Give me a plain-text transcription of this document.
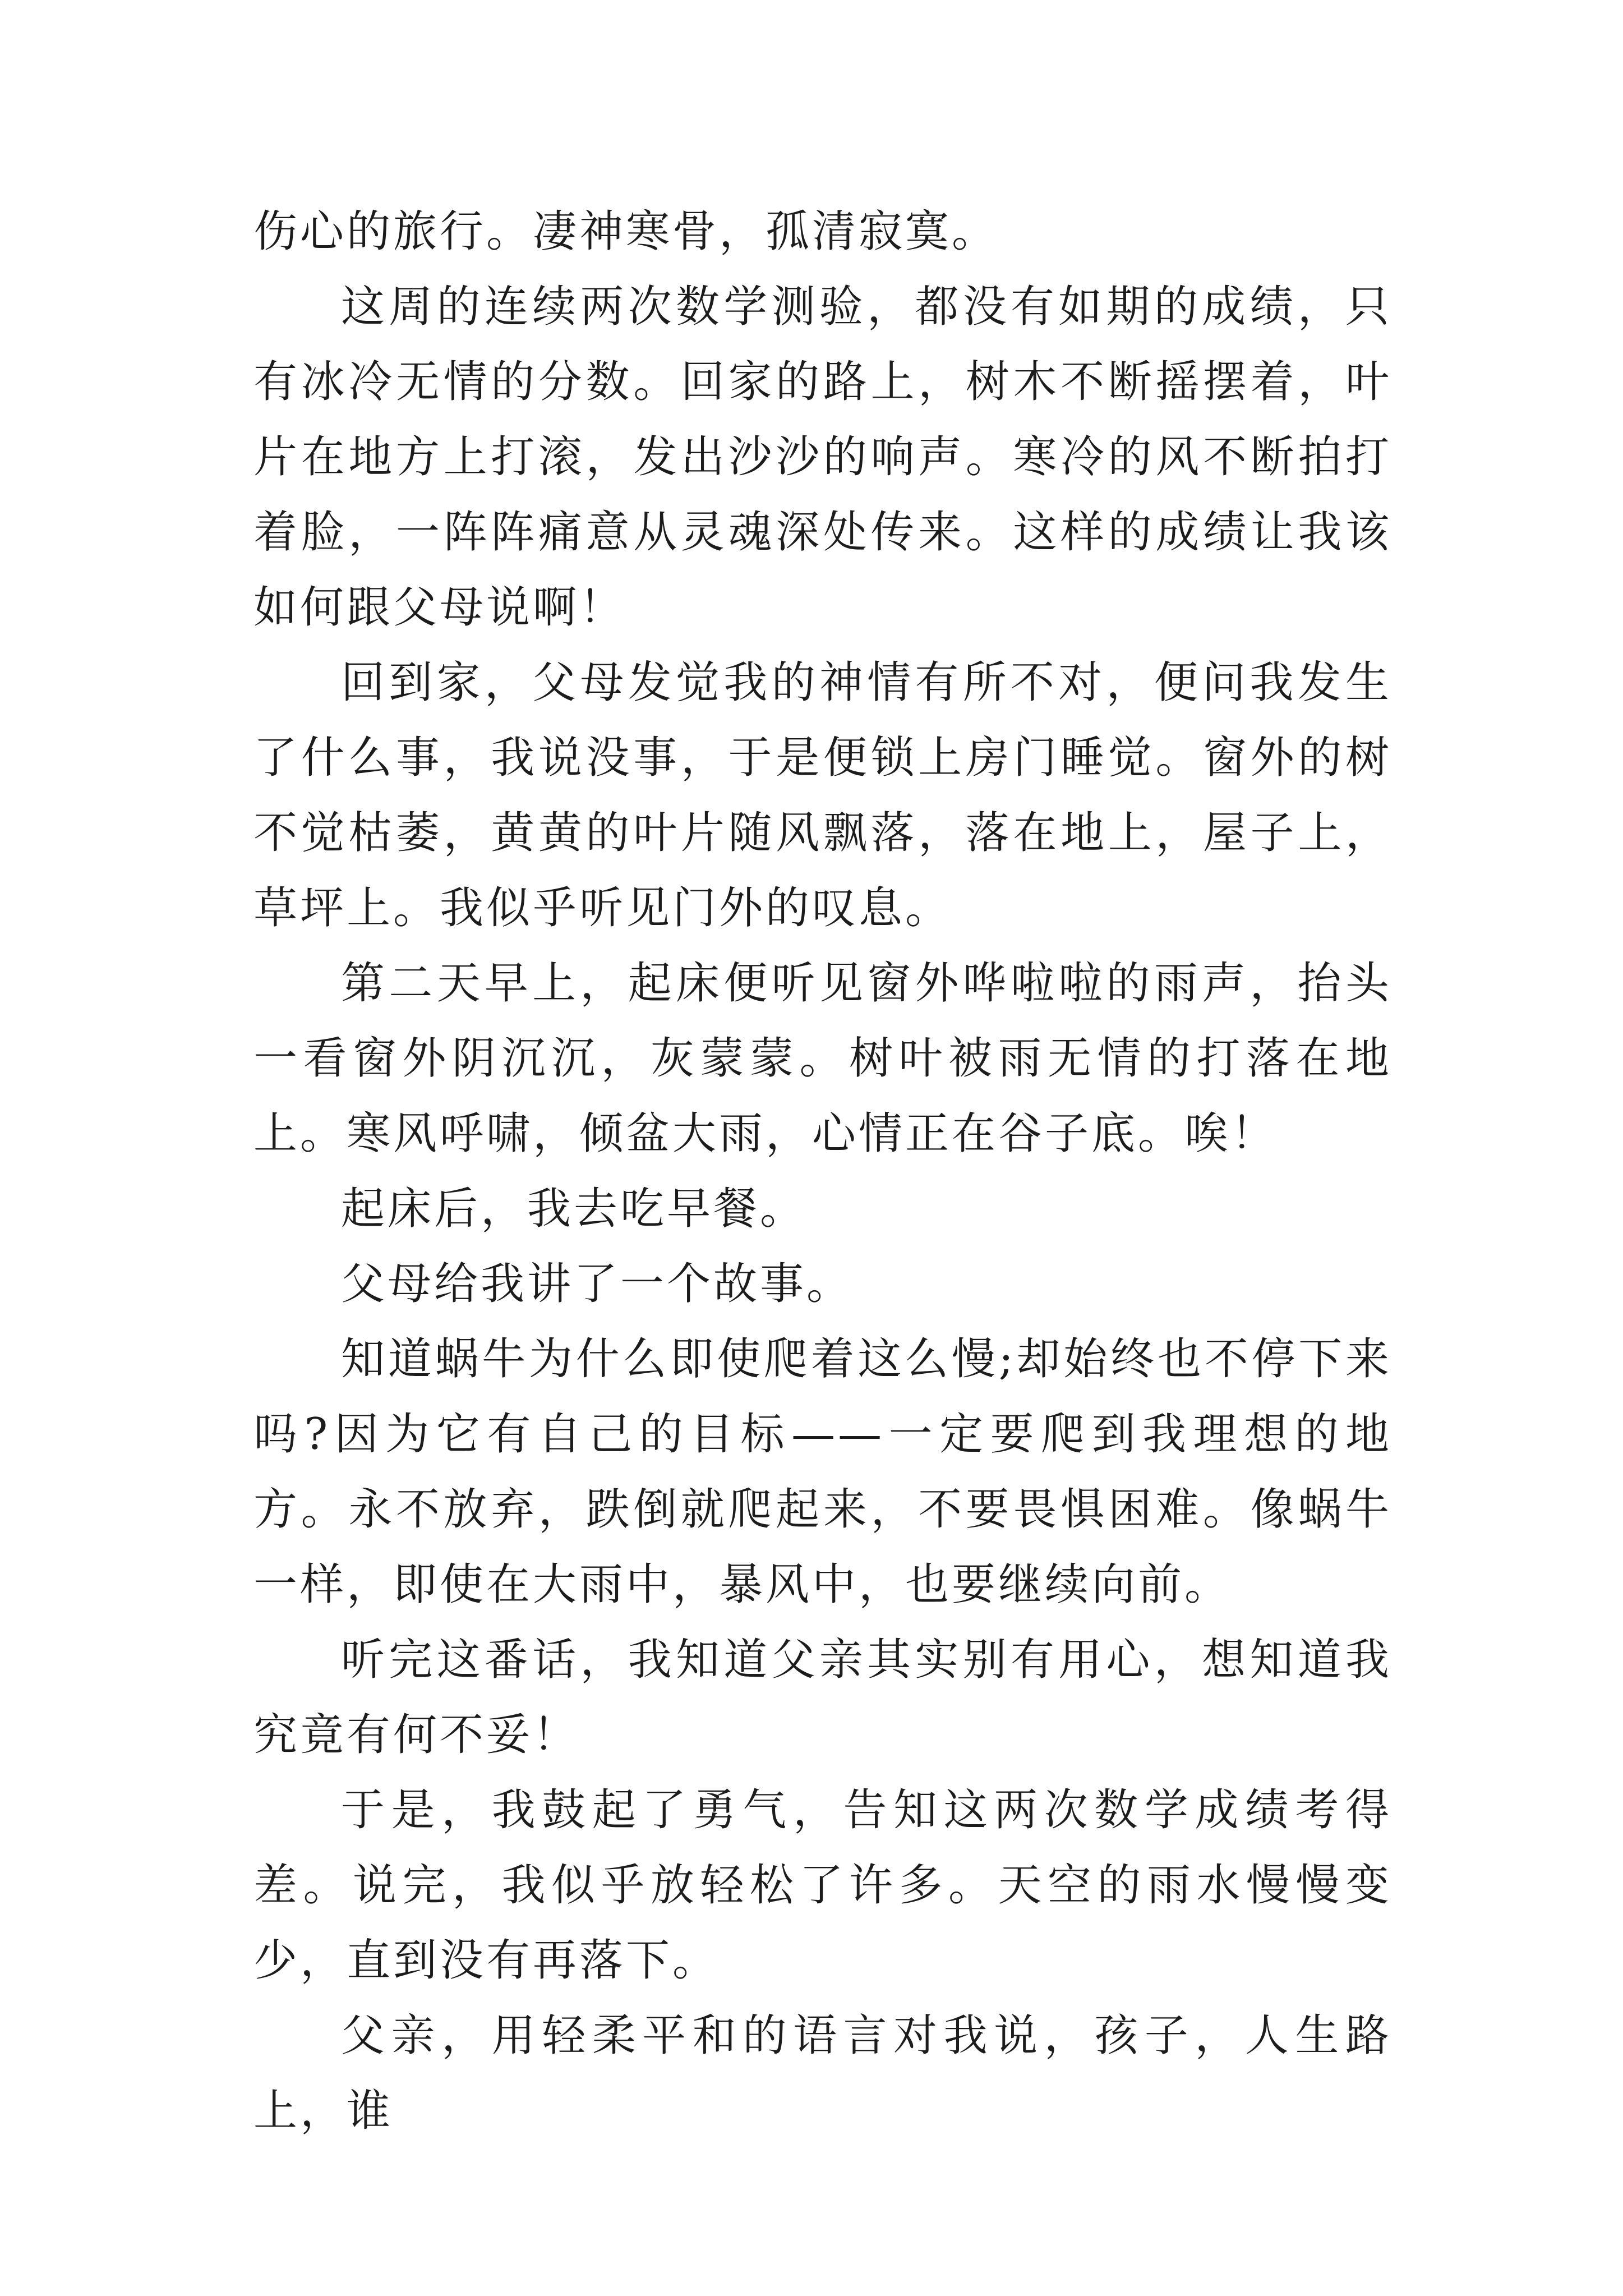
伤心的旅行。凄神寒骨，孤清寂寞。

这周的连续两次数学测验，都没有如期的成绩，只有冰冷无情的分数。回家的路上，树木不断摇摆着，叶片在地方上打滚，发出沙沙的响声。寒冷的风不断拍打着脸，一阵阵痛意从灵魂深处传来。这样的成绩让我该如何跟父母说啊！

回到家，父母发觉我的神情有所不对，便问我发生了什么事，我说没事，于是便锁上房门睡觉。窗外的树不觉枯萎，黄黄的叶片随风飘落，落在地上，屋子上，草坪上。我似乎听见门外的叹息。

第二天早上，起床便听见窗外哗啦啦的雨声，抬头一看窗外阴沉沉，灰蒙蒙。树叶被雨无情的打落在地上。寒风呼啸，倾盆大雨，心情正在谷子底。唉！

起床后，我去吃早餐。

父母给我讲了一个故事。

知道蜗牛为什么即使爬着这么慢;却始终也不停下来吗?因为它有自己的目标——一定要爬到我理想的地方。永不放弃，跌倒就爬起来，不要畏惧困难。像蜗牛一样，即使在大雨中，暴风中，也要继续向前。

听完这番话，我知道父亲其实别有用心，想知道我究竟有何不妥！

于是，我鼓起了勇气，告知这两次数学成绩考得差。说完，我似乎放轻松了许多。天空的雨水慢慢变少，直到没有再落下。

父亲，用轻柔平和的语言对我说，孩子，人生路上，谁
